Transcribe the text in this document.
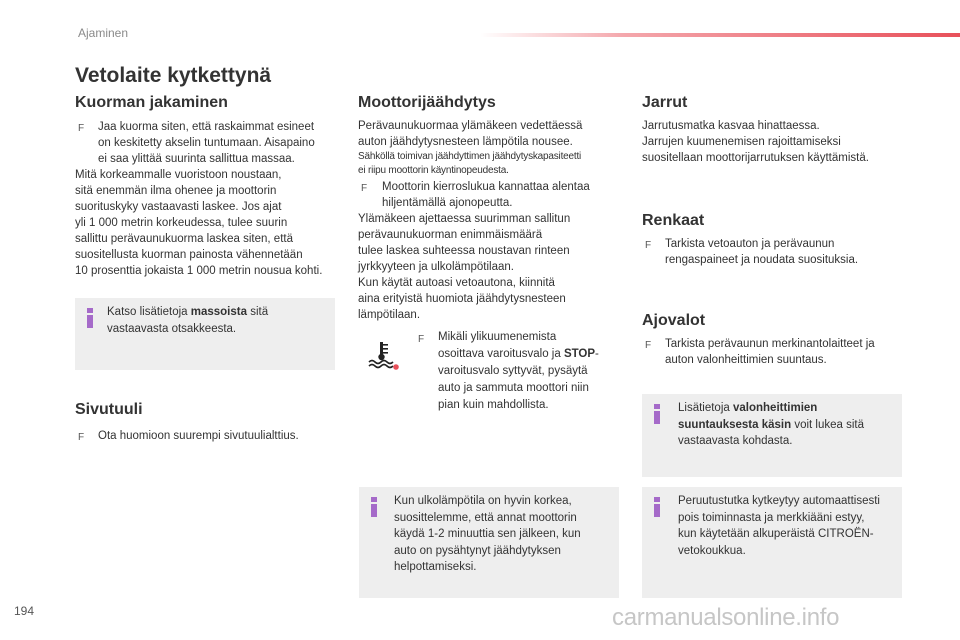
Ajaminen
Vetolaite kytkettynä
Kuorman jakaminen
F Jaa kuorma siten, että raskaimmat esineet
on keskitetty akselin tuntumaan. Aisapaino
ei saa ylittää suurinta sallittua massaa.
Mitä korkeammalle vuoristoon noustaan,
sitä enemmän ilma ohenee ja moottorin
suorituskyky vastaavasti laskee. Jos ajat
yli 1 000 metrin korkeudessa, tulee suurin
sallittu perävaunukuorma laskea siten, että
suositellusta kuorman painosta vähennetään
10 prosenttia jokaista 1 000 metrin nousua kohti.
Katso lisätietoja massoista sitä
vastaavasta otsakkeesta.
Sivutuuli
F Ota huomioon suurempi sivutuulialttius.
Moottorijäähdytys
Perävaunukuormaa ylämäkeen vedettäessä
auton jäähdytysnesteen lämpötila nousee.
Sähköllä toimivan jäähdyttimen jäähdytyskapasiteetti
ei riipu moottorin käyntinopeudesta.
F Moottorin kierroslukua kannattaa alentaa
hiljentämällä ajonopeutta.
Ylämäkeen ajettaessa suurimman sallitun
perävaunukuorman enimmäismäärä
tulee laskea suhteessa noustavan rinteen
jyrkkyyteen ja ulkolämpötilaan.
Kun käytät autoasi vetoautona, kiinnitä
aina erityistä huomiota jäähdytysnesteen
lämpötilaan.
F Mikäli ylikuumenemista
osoittava varoitusvalo ja STOP-
varoitusvalo syttyvät, pysäytä
auto ja sammuta moottori niin
pian kuin mahdollista.
Kun ulkolämpötila on hyvin korkea,
suosittelemme, että annat moottorin
käydä 1-2 minuuttia sen jälkeen, kun
auto on pysähtynyt jäähdytyksen
helpottamiseksi.
Jarrut
Jarrutusmatka kasvaa hinattaessa.
Jarrujen kuumenemisen rajoittamiseksi
suositellaan moottorijarrutuksen käyttämistä.
Renkaat
F Tarkista vetoauton ja perävaunun
rengaspaineet ja noudata suosituksia.
Ajovalot
F Tarkista perävaunun merkinantolaitteet ja
auton valonheittimien suuntaus.
Lisätietoja valonheittimien
suuntauksesta käsin voit lukea sitä
vastaavasta kohdasta.
Peruutustutka kytkeytyy automaattisesti
pois toiminnasta ja merkkiääni estyy,
kun käytetään alkuperäistä CITROËN-
vetokoukkua.
194	carmanualsonline.info
